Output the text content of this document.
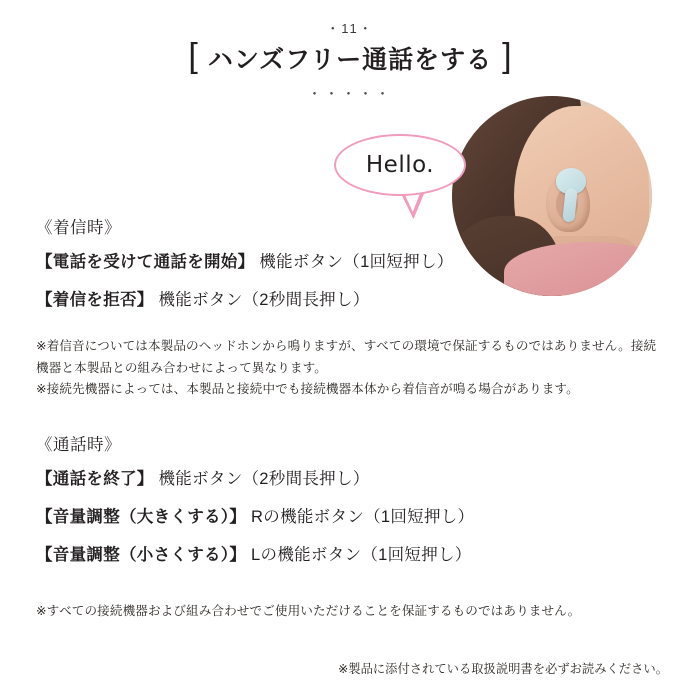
・11・
[ ハンズフリー通話をする ]
・・・・・
Hello.
《着信時》
【電話を受けて通話を開始】 機能ボタン（1回短押し）
【着信を拒否】 機能ボタン（2秒間長押し）

※着信音については本製品のヘッドホンから鳴りますが、すべての環境で保証するものではありません。接続機器と本製品との組み合わせによって異なります。

※接続先機器によっては、本製品と接続中でも接続機器本体から着信音が鳴る場合があります。

《通話時》
【通話を終了】 機能ボタン（2秒間長押し）
【音量調整（大きくする）】 Rの機能ボタン（1回短押し）
【音量調整（小さくする）】 Lの機能ボタン（1回短押し）

※すべての接続機器および組み合わせでご使用いただけることを保証するものではありません。

※製品に添付されている取扱説明書を必ずお読みください。
